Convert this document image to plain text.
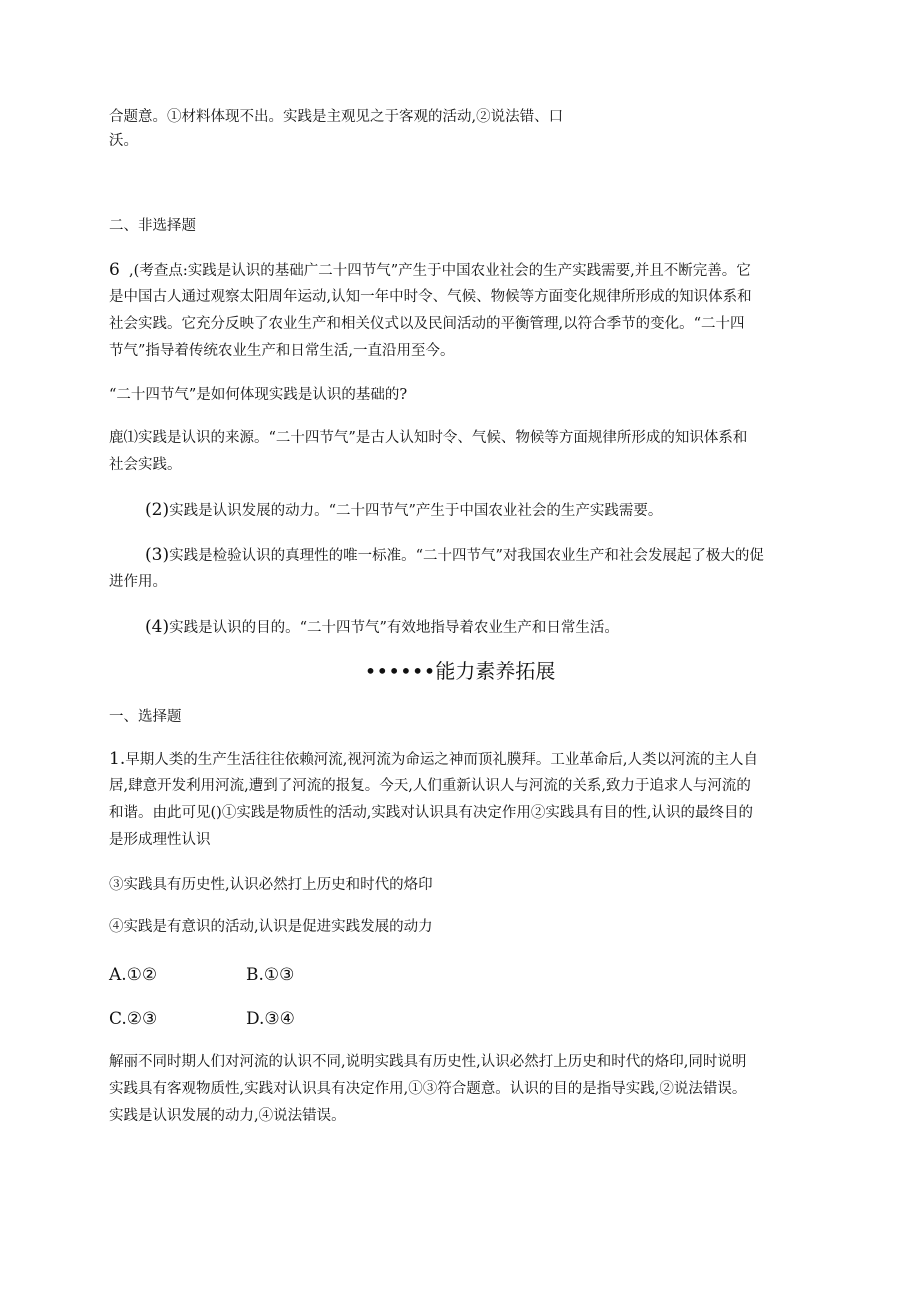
合题意。①材料体现不出。实践是主观见之于客观的活动,②说法错、口
沃。
二、非选择题
6 ,(考查点:实践是认识的基础广二十四节气”产生于中国农业社会的生产实践需要,并且不断完善。它
是中国古人通过观察太阳周年运动,认知一年中时令、气候、物候等方面变化规律所形成的知识体系和
社会实践。它充分反映了农业生产和相关仪式以及民间活动的平衡管理,以符合季节的变化。“二十四
节气”指导着传统农业生产和日常生活,一直沿用至今。
“二十四节气”是如何体现实践是认识的基础的?
鹿⑴实践是认识的来源。“二十四节气”是古人认知时令、气候、物候等方面规律所形成的知识体系和
社会实践。
(2)实践是认识发展的动力。“二十四节气”产生于中国农业社会的生产实践需要。
(3)实践是检验认识的真理性的唯一标准。“二十四节气”对我国农业生产和社会发展起了极大的促
进作用。
(4)实践是认识的目的。“二十四节气”有效地指导着农业生产和日常生活。
••••••能力素养拓展
一、选择题
1.早期人类的生产生活往往依赖河流,视河流为命运之神而顶礼膜拜。工业革命后,人类以河流的主人自
居,肆意开发利用河流,遭到了河流的报复。今天,人们重新认识人与河流的关系,致力于追求人与河流的
和谐。由此可见()①实践是物质性的活动,实践对认识具有决定作用②实践具有目的性,认识的最终目的
是形成理性认识
③实践具有历史性,认识必然打上历史和时代的烙印
④实践是有意识的活动,认识是促进实践发展的动力
A.①②	B.①③
C.②③	D.③④
解丽不同时期人们对河流的认识不同,说明实践具有历史性,认识必然打上历史和时代的烙印,同时说明
实践具有客观物质性,实践对认识具有决定作用,①③符合题意。认识的目的是指导实践,②说法错误。
实践是认识发展的动力,④说法错误。
